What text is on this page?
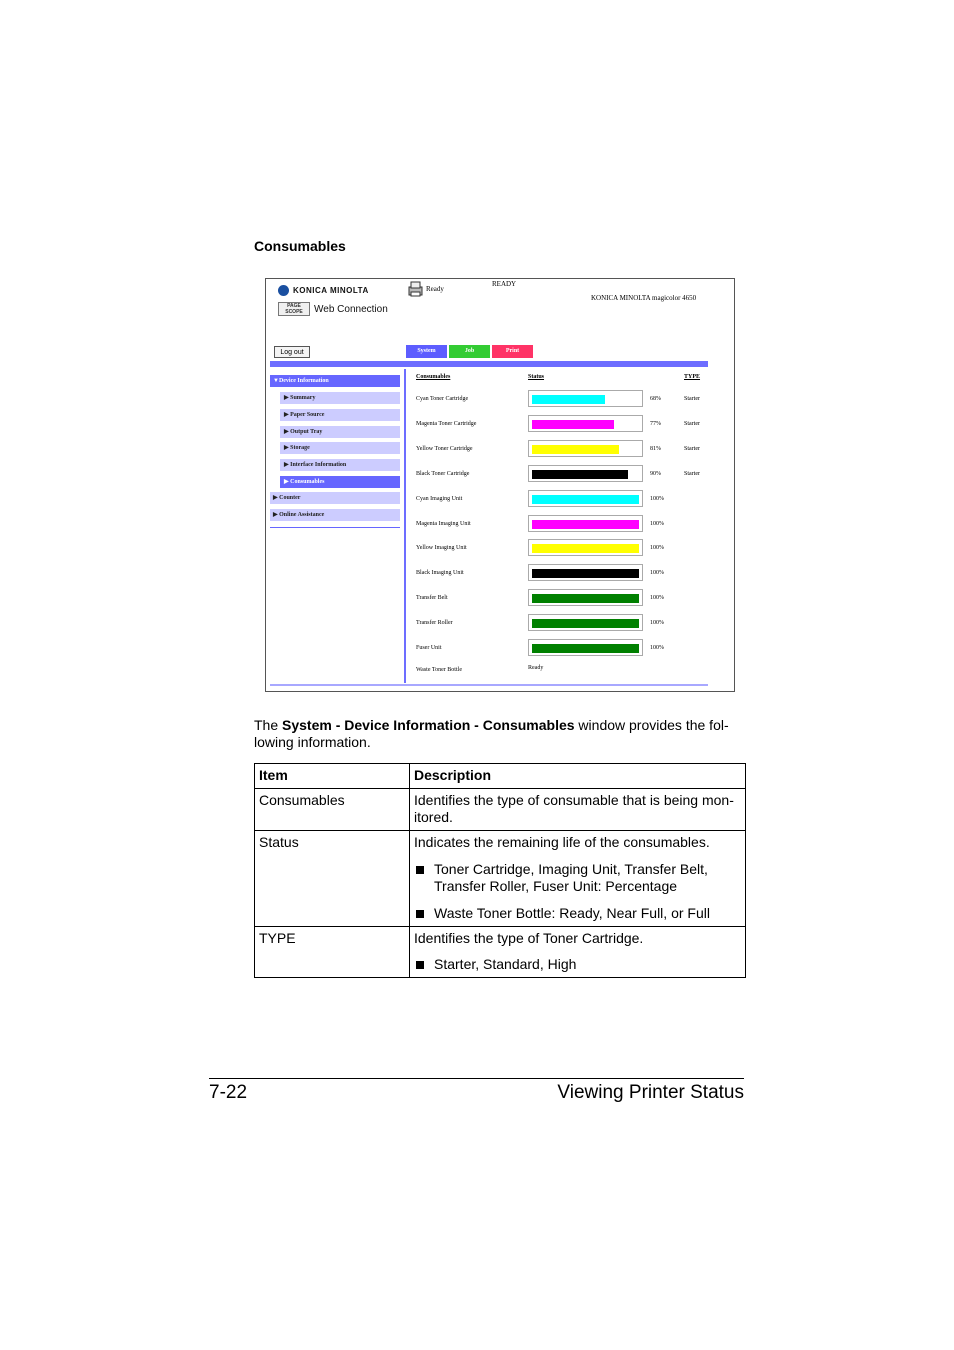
Consumables
KONICA MINOLTA
PAGE SCOPE	Web Connection
Ready
READY
KONICA MINOLTA magicolor 4650
Log out	System	Job	Print
▼Device Information
▶ Summary
▶ Paper Source
▶ Output Tray
▶ Storage
▶ Interface Information
▶ Consumables
▶ Counter
▶ Online Assistance
Consumables	Status	TYPE
Cyan Toner Cartridge	68%	Starter
Magenta Toner Cartridge	77%	Starter
Yellow Toner Cartridge	81%	Starter
Black Toner Cartridge	90%	Starter
Cyan Imaging Unit	100%
Magenta Imaging Unit	100%
Yellow Imaging Unit	100%
Black Imaging Unit	100%
Transfer Belt	100%
Transfer Roller	100%
Fuser Unit	100%
Waste Toner Bottle	Ready
The System - Device Information - Consumables window provides the fol-lowing information.
Item	Description
Consumables	Identifies the type of consumable that is being mon-itored.
Status	Indicates the remaining life of the consumables.
Toner Cartridge, Imaging Unit, Transfer Belt, Transfer Roller, Fuser Unit: Percentage
Waste Toner Bottle: Ready, Near Full, or Full

TYPE	Identifies the type of Toner Cartridge.
Starter, Standard, High
7-22	Viewing Printer Status
